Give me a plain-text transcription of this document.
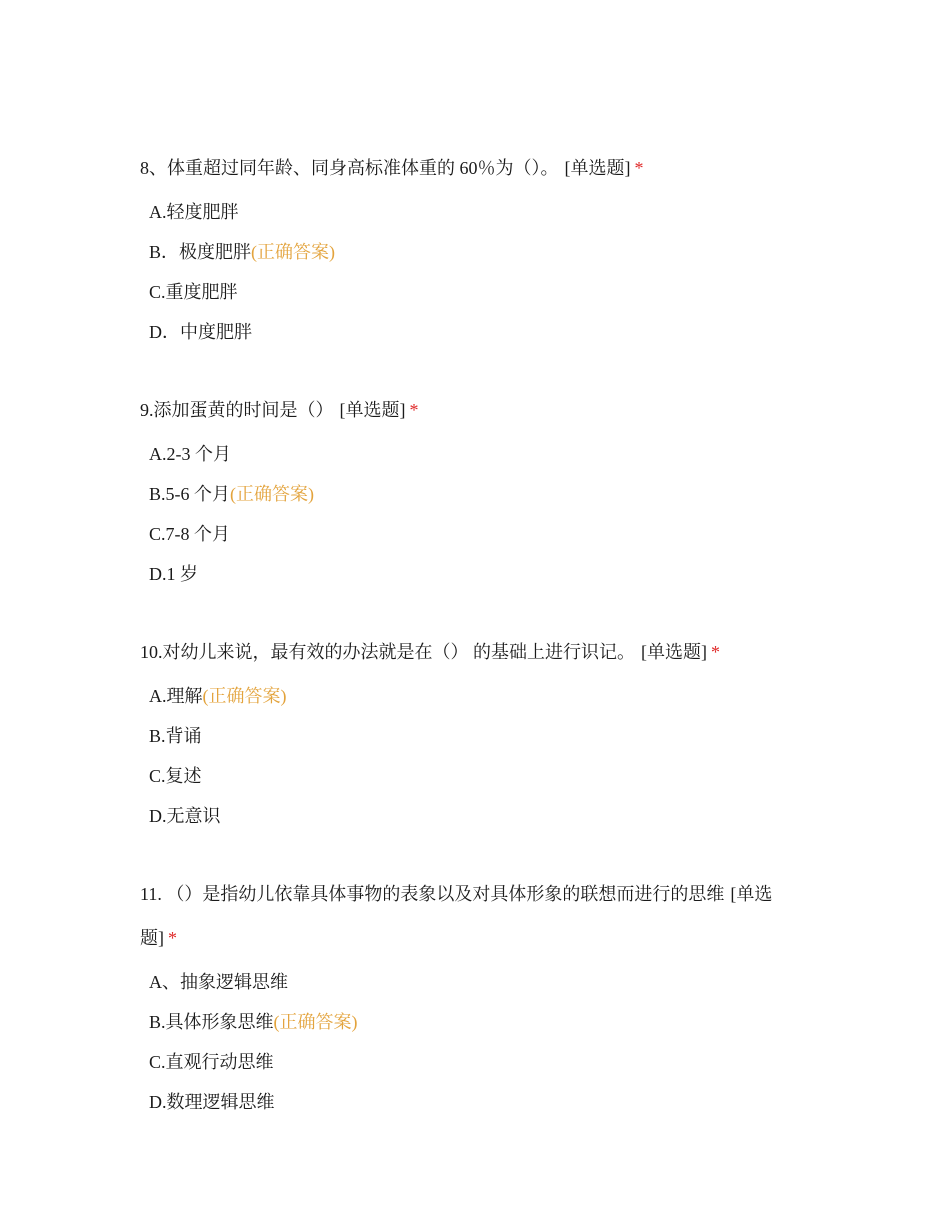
8、体重超过同年龄、同身高标准体重的 60％为（）。 [单选题] *

A.轻度肥胖
B．极度肥胖(正确答案)
C.重度肥胖
D．中度肥胖

9.添加蛋黄的时间是（） [单选题] *

A.2-3 个月
B.5-6 个月(正确答案)
C.7-8 个月
D.1 岁

10.对幼儿来说，最有效的办法就是在（） 的基础上进行识记。 [单选题] *

A.理解(正确答案)
B.背诵
C.复述
D.无意识

11. （）是指幼儿依靠具体事物的表象以及对具体形象的联想而进行的思维 [单选题] *

A、抽象逻辑思维
B.具体形象思维(正确答案)
C.直观行动思维
D.数理逻辑思维
